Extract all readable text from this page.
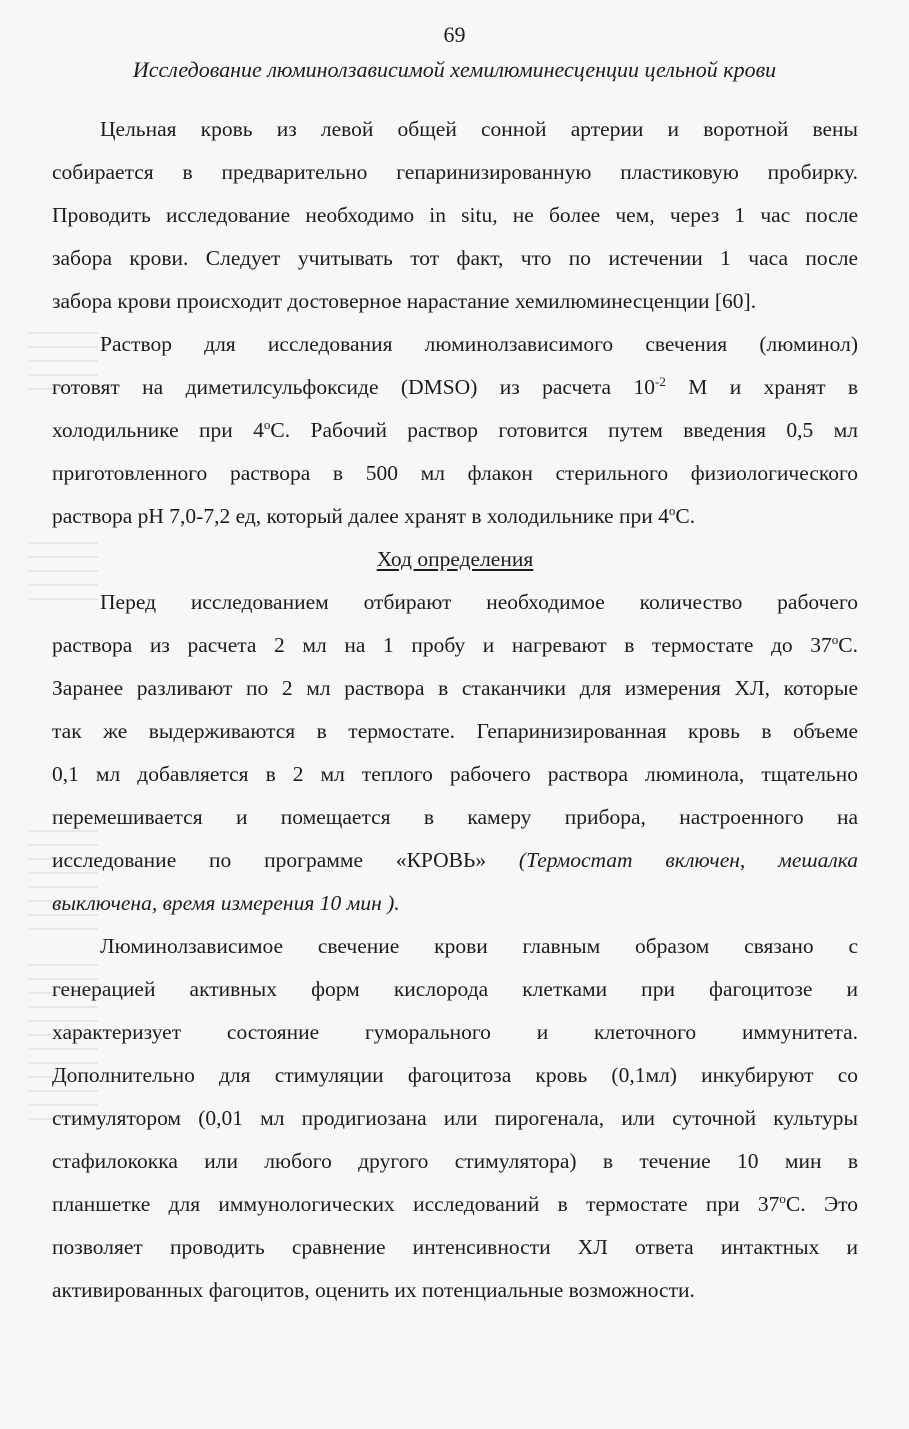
69
Исследование люминолзависимой хемилюминесценции цельной крови

Цельная кровь из левой общей сонной артерии и воротной вены
собирается в предварительно гепаринизированную пластиковую пробирку.
Проводить исследование необходимо in situ, не более чем, через 1 час после
забора крови. Следует учитывать тот факт, что по истечении 1 часа после
забора крови происходит достоверное нарастание хемилюминесценции [60].

Раствор для исследования люминолзависимого свечения (люминол)
готовят на диметилсульфоксиде (DMSO) из расчета $10^{-2}$ М и хранят в
холодильнике при 4$^o$С. Рабочий раствор готовится путем введения 0,5 мл
приготовленного раствора в 500 мл флакон стерильного физиологического
раствора рН 7,0-7,2 ед, который далее хранят в холодильнике при 4$^o$С.

Ход определения

Перед исследованием отбирают необходимое количество рабочего
раствора из расчета 2 мл на 1 пробу и нагревают в термостате до 37$^o$С.
Заранее разливают по 2 мл раствора в стаканчики для измерения ХЛ, которые
так же выдерживаются в термостате. Гепаринизированная кровь в объеме
0,1 мл добавляется в 2 мл теплого рабочего раствора люминола, тщательно
перемешивается и помещается в камеру прибора, настроенного на
исследование по программе «КРОВЬ» (Термостат включен, мешалка
выключена, время измерения 10 мин ).

Люминолзависимое свечение крови главным образом связано с
генерацией активных форм кислорода клетками при фагоцитозе и
характеризует состояние гуморального и клеточного иммунитета.
Дополнительно для стимуляции фагоцитоза кровь (0,1мл) инкубируют со
стимулятором (0,01 мл продигиозана или пирогенала, или суточной культуры
стафилококка или любого другого стимулятора) в течение 10 мин в
планшетке для иммунологических исследований в термостате при 37$^o$С. Это
позволяет проводить сравнение интенсивности ХЛ ответа интактных и
активированных фагоцитов, оценить их потенциальные возможности.
